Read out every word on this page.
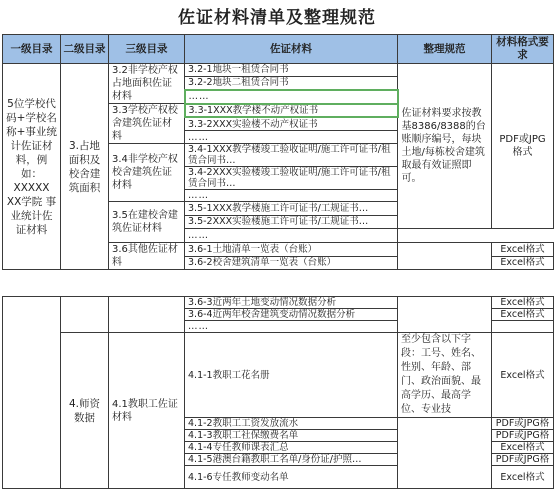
佐证材料清单及整理规范
一级目录	二级目录	三级目录	佐证材料	整理规范	材料格式要求
5位学校代码+学校名称+事业统计佐证材料，例如：XXXXX XX学院 事业统计佐证材料	3.占地面积及校舍建筑面积	3.2非学校产权占地面积佐证材料	3.2-1地块一租赁合同书	佐证材料要求按教基8386/8388的台账顺序编号，每块土地/每栋校舍建筑取最有效证照即可。	PDF或JPG格式
			3.2-2地块二租赁合同书		
			……		
		3.3学校产权校舍建筑佐证材料	3.3-1XXX教学楼不动产权证书		
			3.3-2XXX实验楼不动产权证书		
			……		
		3.4非学校产权校舍建筑佐证材料	3.4-1XXX教学楼竣工验收证明/施工许可证书/租赁合同书…		
			3.4-2XXX实验楼竣工验收证明/施工许可证书/租赁合同书…		
			……		
		3.5在建校舍建筑佐证材料	3.5-1XXX教学楼施工许可证书/工规证书…		
			3.5-2XXX实验楼施工许可证书/工规证书…		
			……	
		3.6其他佐证材料	3.6-1土地清单一览表（台账）		Excel格式
			3.6-2校舍建筑清单一览表（台账）		Excel格式
			3.6-3近两年土地变动情况数据分析		Excel格式
			3.6-4近两年校舍建筑变动情况数据分析		Excel格式
			……		
	4.师资数据	4.1教职工佐证材料	4.1-1教职工花名册	至少包含以下字段：工号、姓名、性别、年龄、部门、政治面貌、最高学历、最高学位、专业技	Excel格式
			4.1-2教职工工资发放流水		PDF或JPG格
			4.1-3教职工社保缴费名单		PDF或JPG格
			4.1-4专任教师课表汇总		Excel格式
			4.1-5港澳台籍教职工名单/身份证/护照…		PDF或JPG格
			4.1-6专任教师变动名单		Excel格式
